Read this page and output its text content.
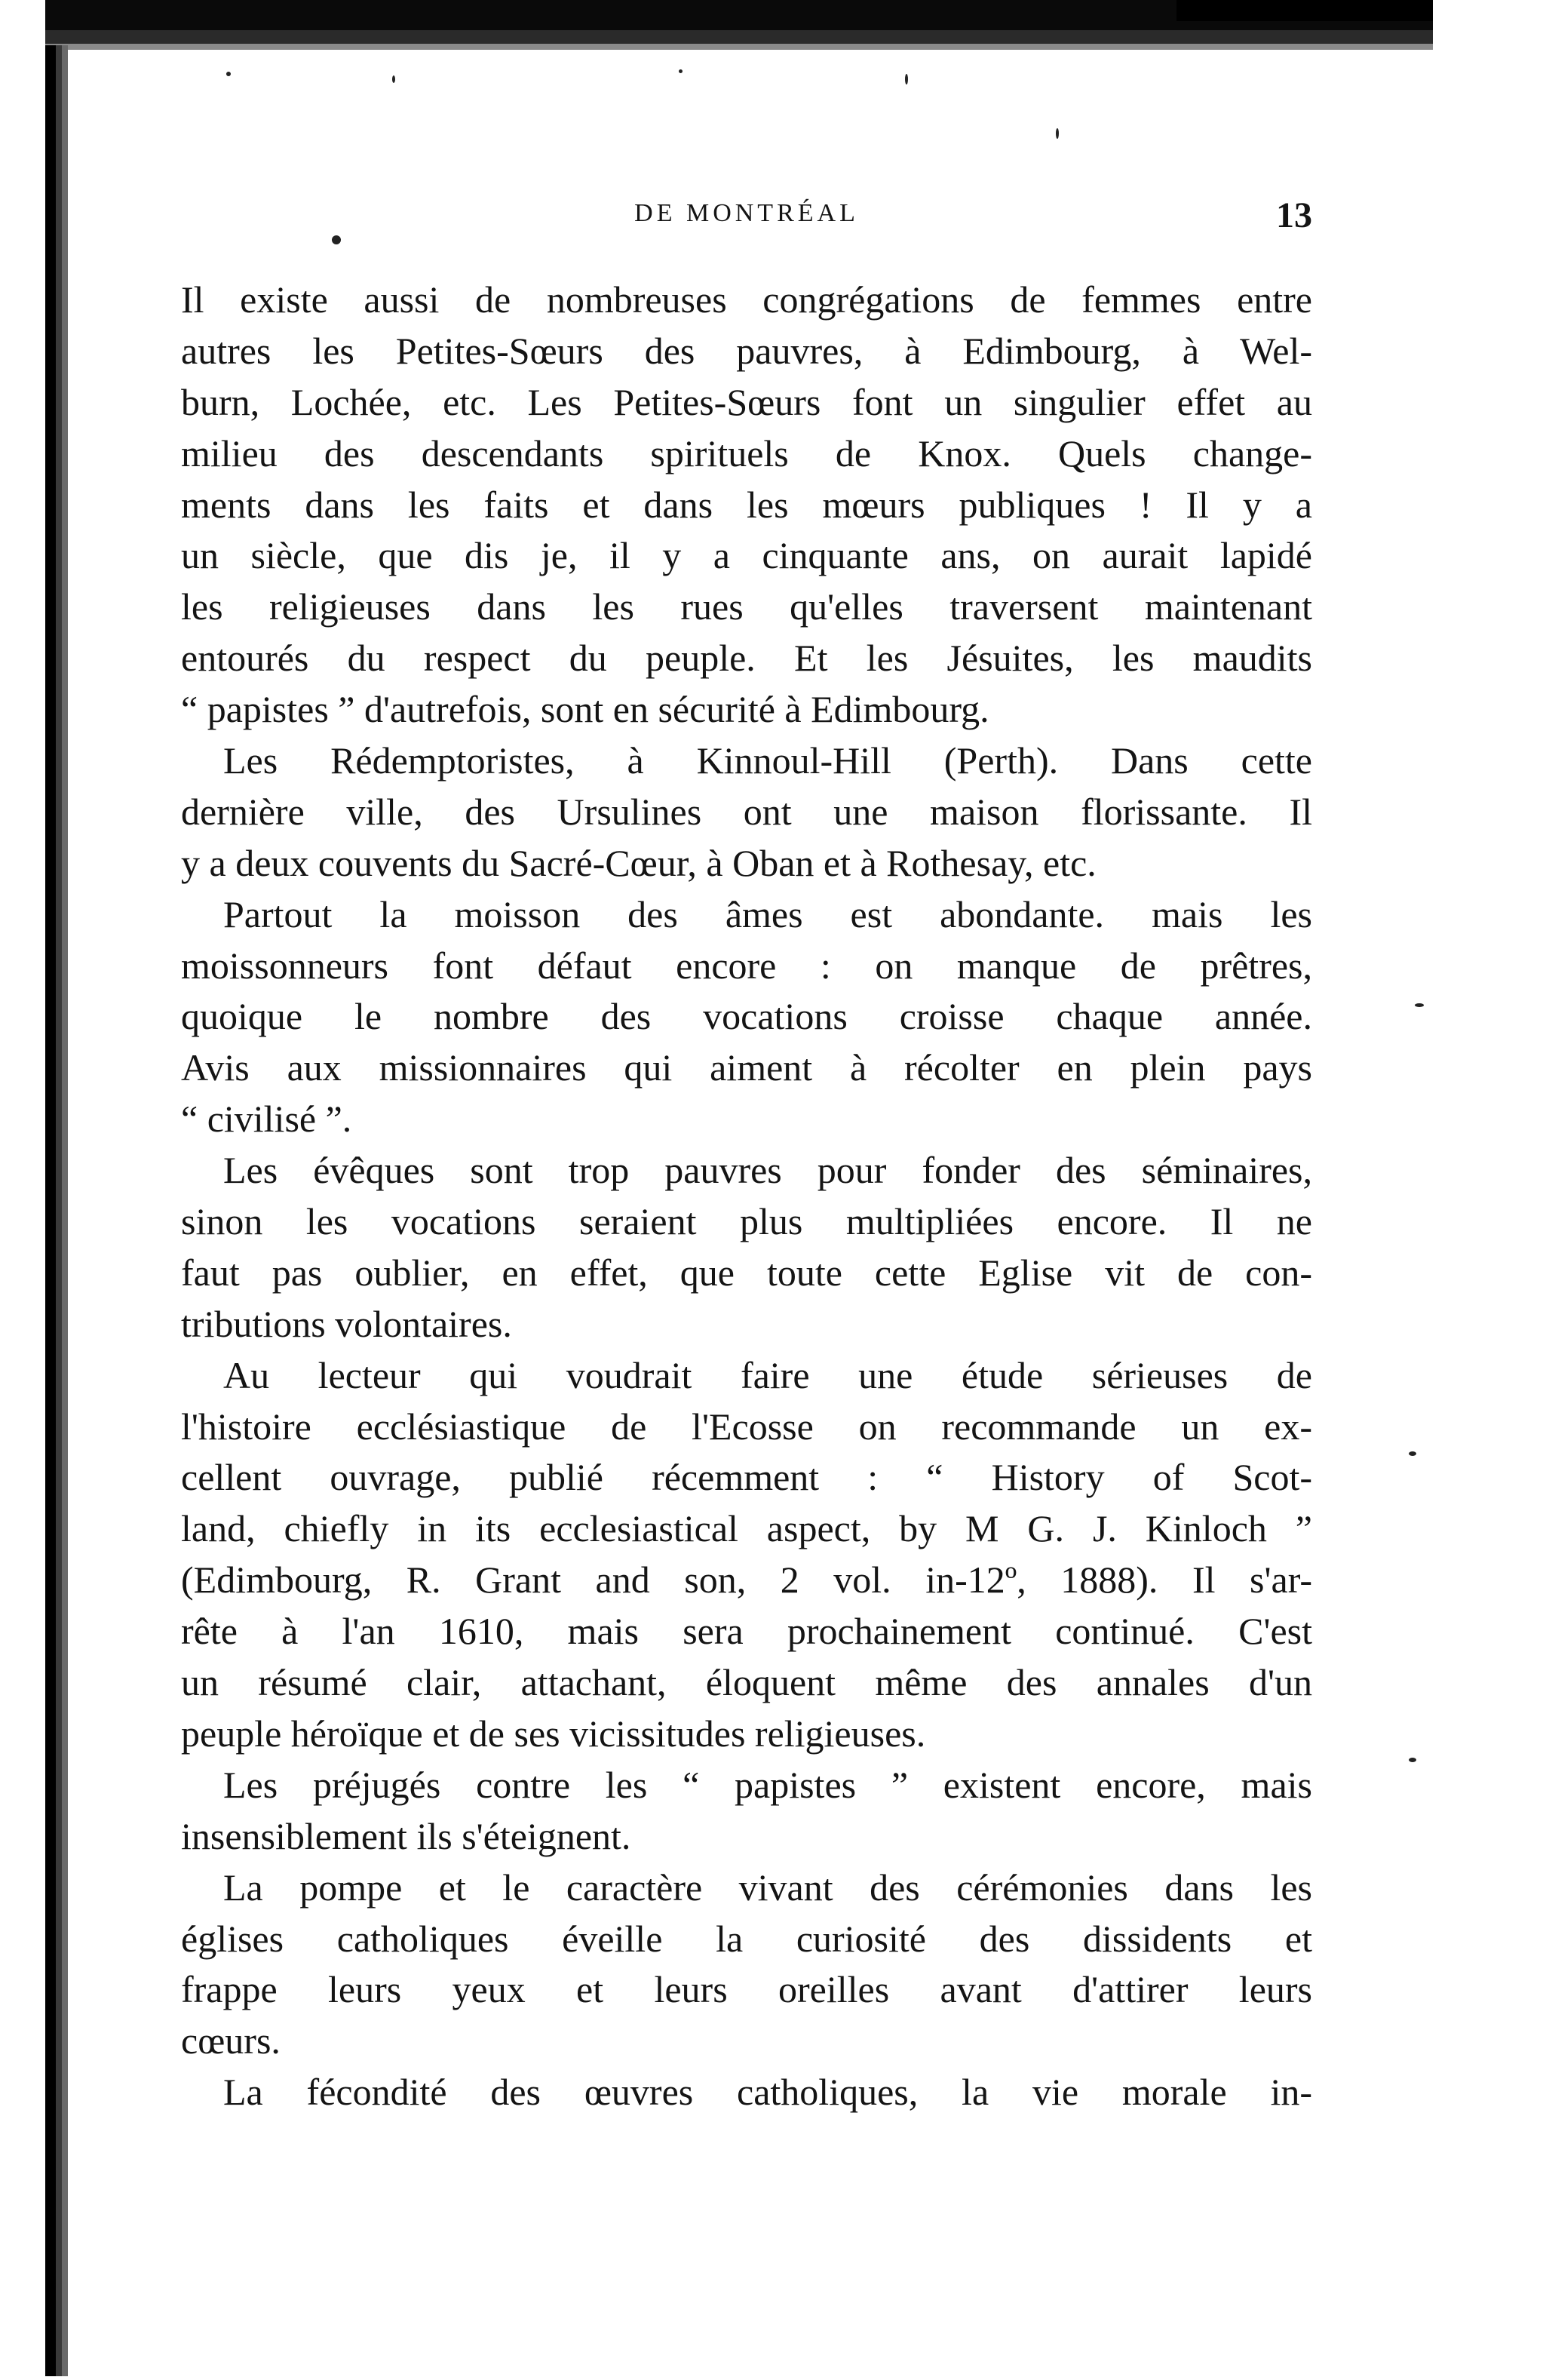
DE MONTRÉAL	13
Il existe aussi de nombreuses congrégations de femmes entre
autres les Petites-Sœurs des pauvres, à Edimbourg, à Wel-
burn, Lochée, etc. Les Petites-Sœurs font un singulier effet au
milieu des descendants spirituels de Knox. Quels change-
ments dans les faits et dans les mœurs publiques ! Il y a
un siècle, que dis je, il y a cinquante ans, on aurait lapidé
les religieuses dans les rues qu'elles traversent maintenant
entourés du respect du peuple. Et les Jésuites, les maudits
“ papistes ” d'autrefois, sont en sécurité à Edimbourg.
Les Rédemptoristes, à Kinnoul-Hill (Perth). Dans cette
dernière ville, des Ursulines ont une maison florissante. Il
y a deux couvents du Sacré-Cœur, à Oban et à Rothesay, etc.
Partout la moisson des âmes est abondante. mais les
moissonneurs font défaut encore : on manque de prêtres,
quoique le nombre des vocations croisse chaque année.
Avis aux missionnaires qui aiment à récolter en plein pays
“ civilisé ”.
Les évêques sont trop pauvres pour fonder des séminaires,
sinon les vocations seraient plus multipliées encore. Il ne
faut pas oublier, en effet, que toute cette Eglise vit de con-
tributions volontaires.
Au lecteur qui voudrait faire une étude sérieuses de
l'histoire ecclésiastique de l'Ecosse on recommande un ex-
cellent ouvrage, publié récemment : “ History of Scot-
land, chiefly in its ecclesiastical aspect, by M G. J. Kinloch ”
(Edimbourg, R. Grant and son, 2 vol. in-12º, 1888). Il s'ar-
rête à l'an 1610, mais sera prochainement continué. C'est
un résumé clair, attachant, éloquent même des annales d'un
peuple héroïque et de ses vicissitudes religieuses.
Les préjugés contre les “ papistes ” existent encore, mais
insensiblement ils s'éteignent.
La pompe et le caractère vivant des cérémonies dans les
églises catholiques éveille la curiosité des dissidents et
frappe leurs yeux et leurs oreilles avant d'attirer leurs
cœurs.
La fécondité des œuvres catholiques, la vie morale in-
